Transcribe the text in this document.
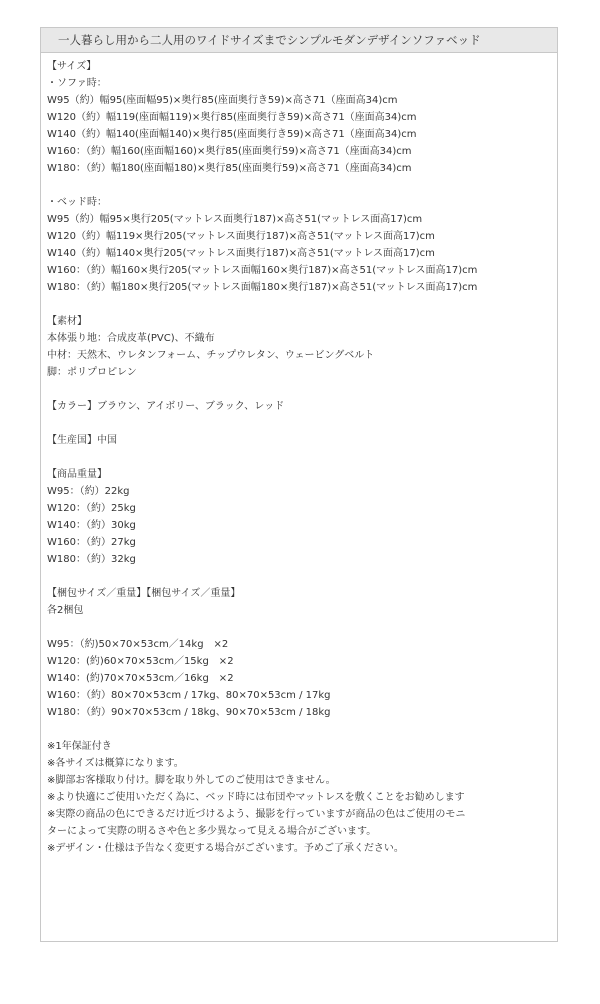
一人暮らし用から二人用のワイドサイズまでシンプルモダンデザインソファベッド
【サイズ】
・ソファ時：
W95（約）幅95(座面幅95)×奥行85(座面奥行き59)×高さ71（座面高34)cm
W120（約）幅119(座面幅119)×奥行85(座面奥行き59)×高さ71（座面高34)cm
W140（約）幅140(座面幅140)×奥行85(座面奥行き59)×高さ71（座面高34)cm
W160：（約）幅160(座面幅160)×奥行85(座面奥行59)×高さ71（座面高34)cm
W180：（約）幅180(座面幅180)×奥行85(座面奥行59)×高さ71（座面高34)cm
・ベッド時：
W95（約）幅95×奥行205(マットレス面奥行187)×高さ51(マットレス面高17)cm
W120（約）幅119×奥行205(マットレス面奥行187)×高さ51(マットレス面高17)cm
W140（約）幅140×奥行205(マットレス面奥行187)×高さ51(マットレス面高17)cm
W160：（約）幅160×奥行205(マットレス面幅160×奥行187)×高さ51(マットレス面高17)cm
W180：（約）幅180×奥行205(マットレス面幅180×奥行187)×高さ51(マットレス面高17)cm
【素材】
本体張り地：合成皮革(PVC)、不織布
中材：天然木、ウレタンフォーム、チップウレタン、ウェービングベルト
脚：ポリプロピレン
【カラー】ブラウン、アイボリー、ブラック、レッド
【生産国】中国
【商品重量】
W95：（約）22kg
W120：（約）25kg
W140：（約）30kg
W160：（約）27kg
W180：（約）32kg
【梱包サイズ／重量】【梱包サイズ／重量】
各2梱包
W95：（約)50×70×53cm／14kg　×2
W120：(約)60×70×53cm／15kg　×2
W140：(約)70×70×53cm／16kg　×2
W160：（約）80×70×53cm / 17kg、80×70×53cm / 17kg
W180：（約）90×70×53cm / 18kg、90×70×53cm / 18kg
※1年保証付き
※各サイズは概算になります。
※脚部お客様取り付け。脚を取り外してのご使用はできません。
※より快適にご使用いただく為に、ベッド時には布団やマットレスを敷くことをお勧めします
※実際の商品の色にできるだけ近づけるよう、撮影を行っていますが商品の色はご使用のモニ
ターによって実際の明るさや色と多少異なって見える場合がございます。
※デザイン・仕様は予告なく変更する場合がございます。予めご了承ください。
